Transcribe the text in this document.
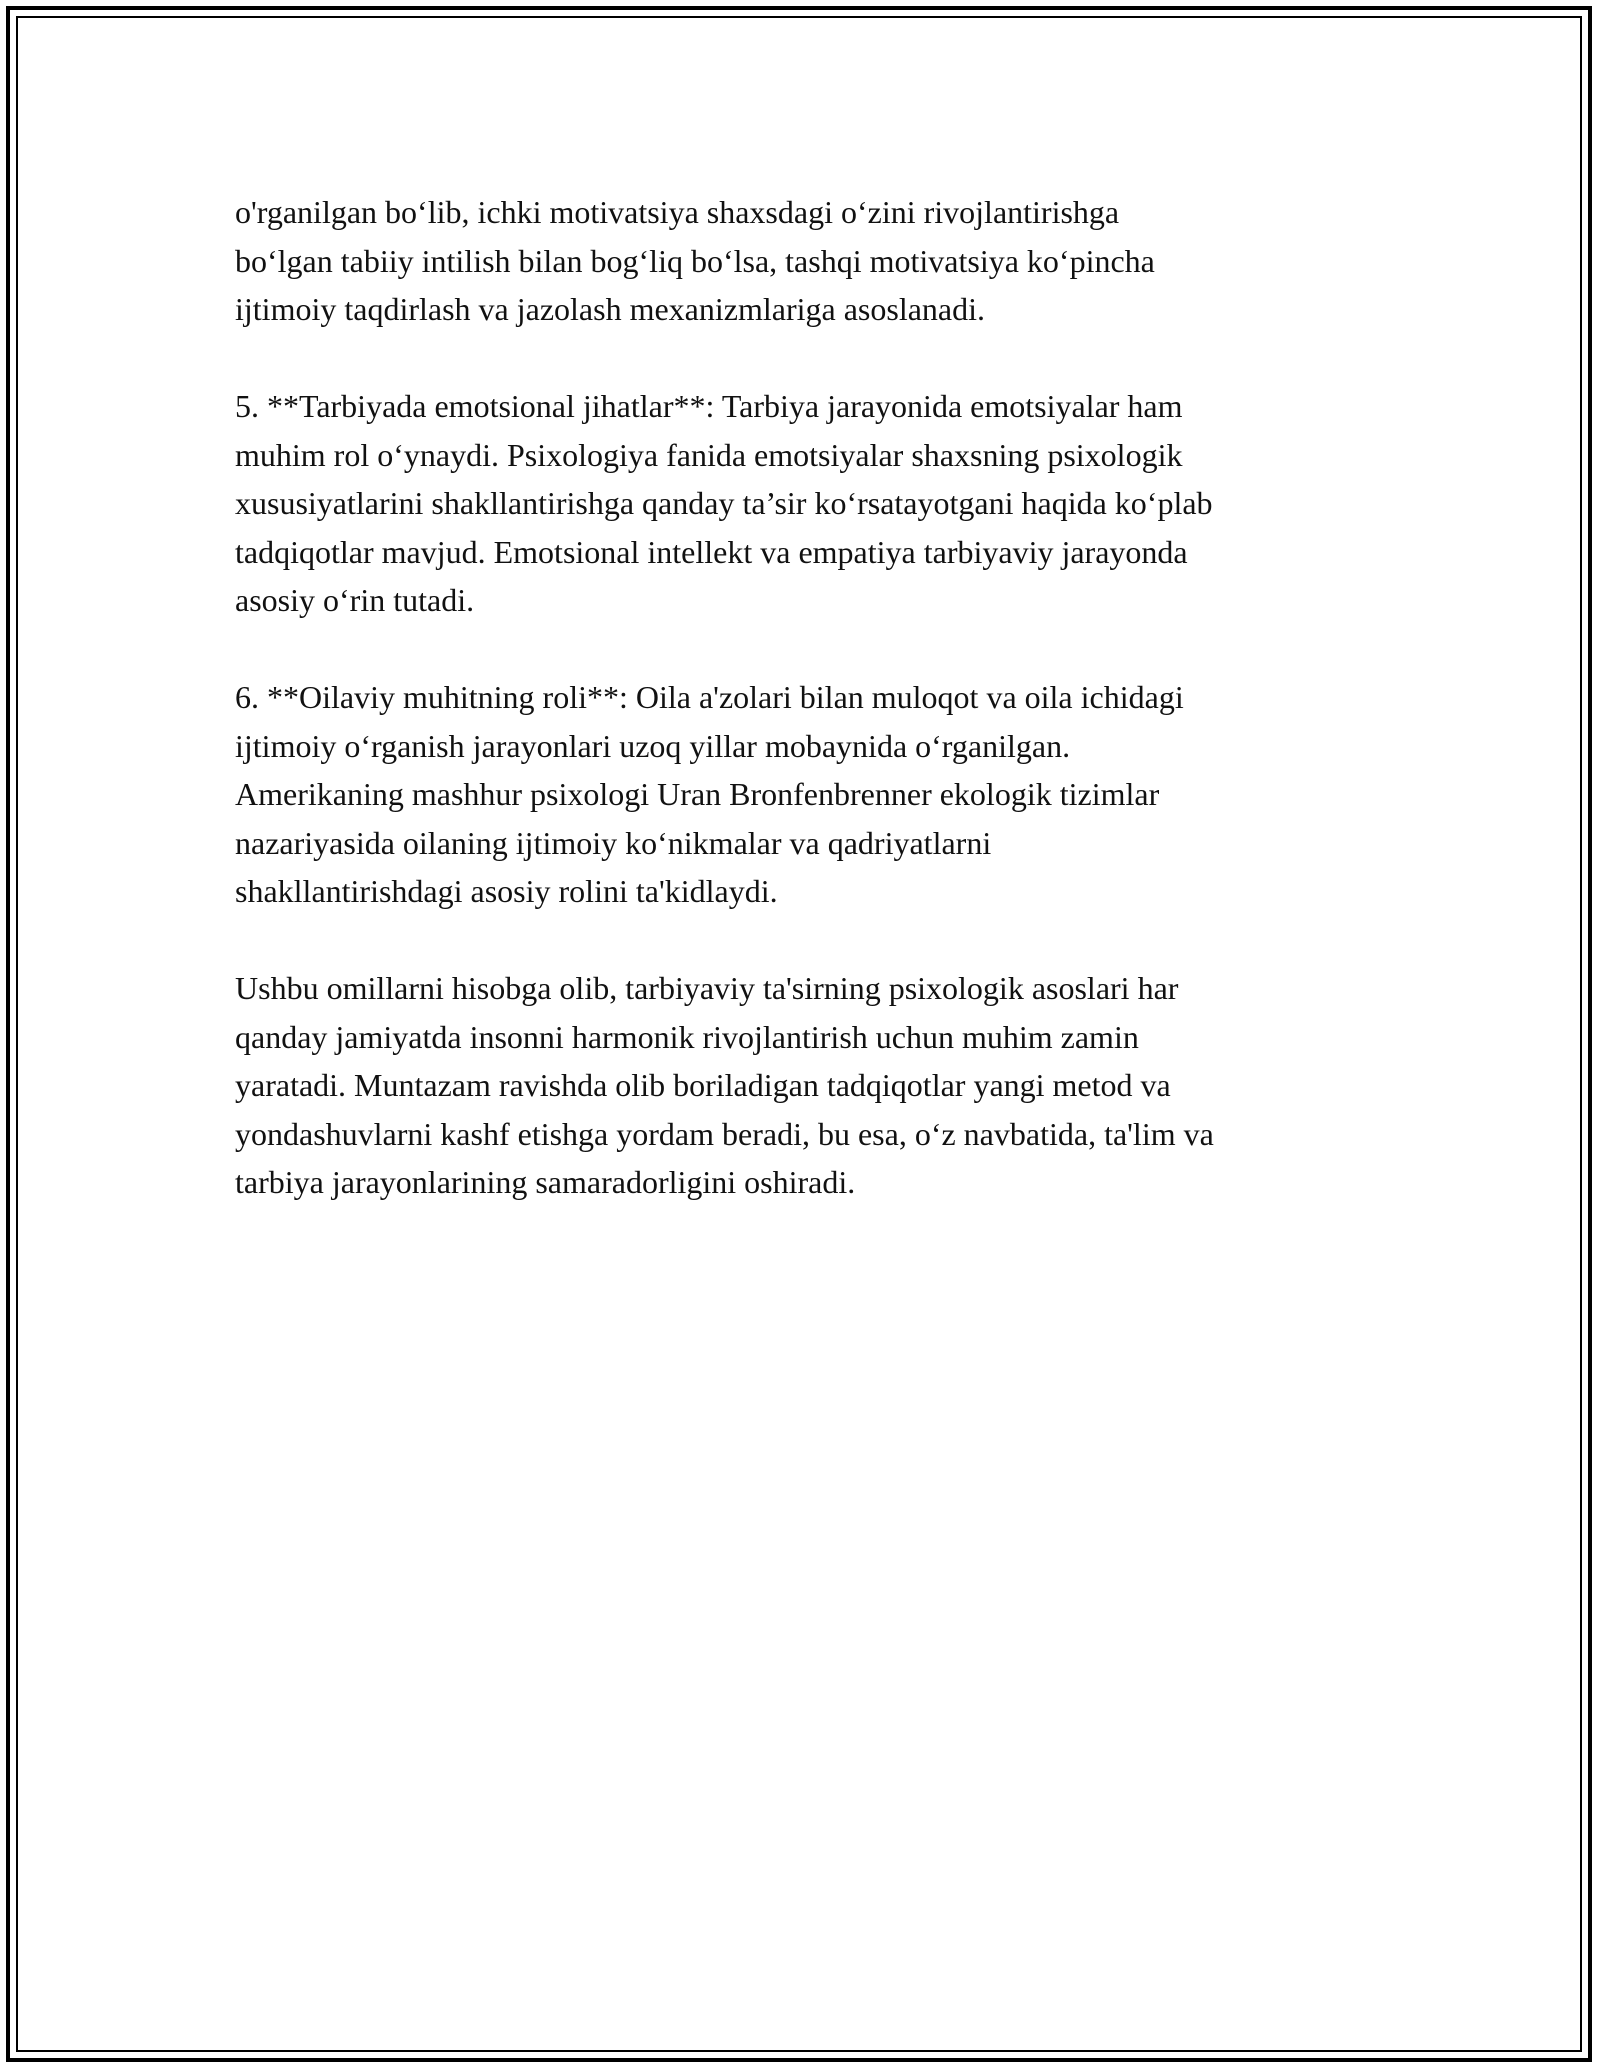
o'rganilgan bo‘lib, ichki motivatsiya shaxsdagi o‘zini rivojlantirishga
bo‘lgan tabiiy intilish bilan bog‘liq bo‘lsa, tashqi motivatsiya ko‘pincha
ijtimoiy taqdirlash va jazolash mexanizmlariga asoslanadi.

5. **Tarbiyada emotsional jihatlar**: Tarbiya jarayonida emotsiyalar ham
muhim rol o‘ynaydi. Psixologiya fanida emotsiyalar shaxsning psixologik
xususiyatlarini shakllantirishga qanday ta’sir ko‘rsatayotgani haqida ko‘plab
tadqiqotlar mavjud. Emotsional intellekt va empatiya tarbiyaviy jarayonda
asosiy o‘rin tutadi.

6. **Oilaviy muhitning roli**: Oila a'zolari bilan muloqot va oila ichidagi
ijtimoiy o‘rganish jarayonlari uzoq yillar mobaynida o‘rganilgan.
Amerikaning mashhur psixologi Uran Bronfenbrenner ekologik tizimlar
nazariyasida oilaning ijtimoiy ko‘nikmalar va qadriyatlarni
shakllantirishdagi asosiy rolini ta'kidlaydi.

Ushbu omillarni hisobga olib, tarbiyaviy ta'sirning psixologik asoslari har
qanday jamiyatda insonni harmonik rivojlantirish uchun muhim zamin
yaratadi. Muntazam ravishda olib boriladigan tadqiqotlar yangi metod va
yondashuvlarni kashf etishga yordam beradi, bu esa, o‘z navbatida, ta'lim va
tarbiya jarayonlarining samaradorligini oshiradi.
